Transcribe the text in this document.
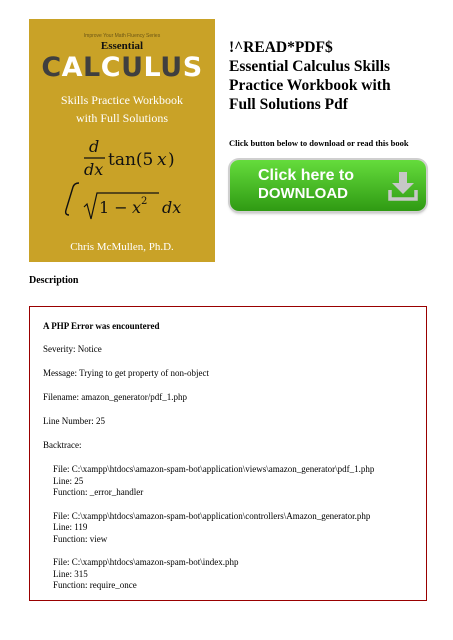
Improve Your Math Fluency Series
Essential
CALCULUS
Skills Practice Workbook
with Full Solutions
d
dx tan(5 x )
1 − x 2 dx
Chris McMullen, Ph.D.
!^READ*PDF$
Essential Calculus Skills
Practice Workbook with
Full Solutions Pdf
Click button below to download or read this book
Click here to
DOWNLOAD
Description
A PHP Error was encountered

Severity: Notice

Message: Trying to get property of non-object

Filename: amazon_generator/pdf_1.php

Line Number: 25

Backtrace:

File: C:\xampp\htdocs\amazon-spam-bot\application\views\amazon_generator\pdf_1.php
Line: 25
Function: _error_handler
File: C:\xampp\htdocs\amazon-spam-bot\application\controllers\Amazon_generator.php
Line: 119
Function: view
File: C:\xampp\htdocs\amazon-spam-bot\index.php
Line: 315
Function: require_once
